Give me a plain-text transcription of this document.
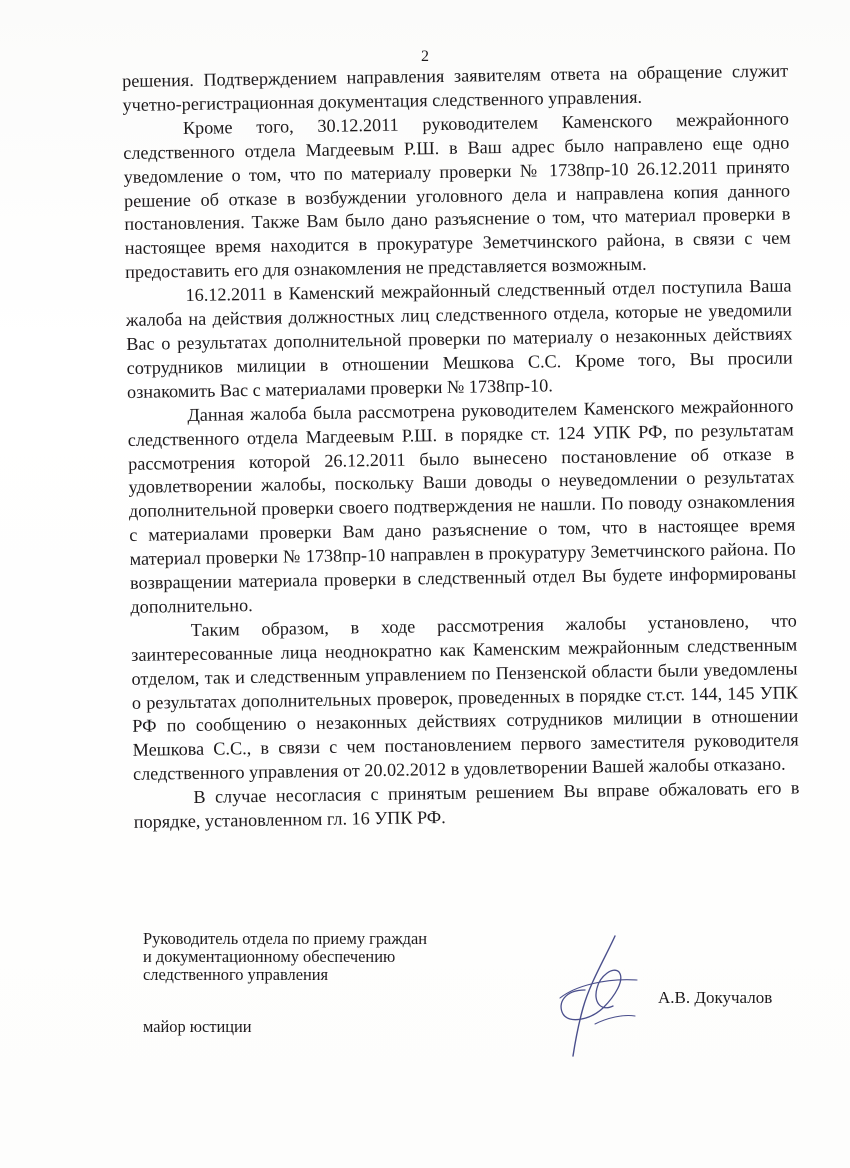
2

решения. Подтверждением направления заявителям ответа на обращение служит учетно-регистрационная документация следственного управления.

Кроме того, 30.12.2011 руководителем Каменского межрайонного следственного отдела Магдеевым Р.Ш. в Ваш адрес было направлено еще одно уведомление о том, что по материалу проверки № 1738пр-10 26.12.2011 принято решение об отказе в возбуждении уголовного дела и направлена копия данного постановления. Также Вам было дано разъяснение о том, что материал проверки в настоящее время находится в прокуратуре Земетчинского района, в связи с чем предоставить его для ознакомления не представляется возможным.

16.12.2011 в Каменский межрайонный следственный отдел поступила Ваша жалоба на действия должностных лиц следственного отдела, которые не уведомили Вас о результатах дополнительной проверки по материалу о незаконных действиях сотрудников милиции в отношении Мешкова С.С. Кроме того, Вы просили ознакомить Вас с материалами проверки № 1738пр-10.

Данная жалоба была рассмотрена руководителем Каменского межрайонного следственного отдела Магдеевым Р.Ш. в порядке ст. 124 УПК РФ, по результатам рассмотрения которой 26.12.2011 было вынесено постановление об отказе в удовлетворении жалобы, поскольку Ваши доводы о неуведомлении о результатах дополнительной проверки своего подтверждения не нашли. По поводу ознакомления с материалами проверки Вам дано разъяснение о том, что в настоящее время материал проверки № 1738пр-10 направлен в прокуратуру Земетчинского района. По возвращении материала проверки в следственный отдел Вы будете информированы дополнительно.

Таким образом, в ходе рассмотрения жалобы установлено, что заинтересованные лица неоднократно как Каменским межрайонным следственным отделом, так и следственным управлением по Пензенской области были уведомлены о результатах дополнительных проверок, проведенных в порядке ст.ст. 144, 145 УПК РФ по сообщению о незаконных действиях сотрудников милиции в отношении Мешкова С.С., в связи с чем постановлением первого заместителя руководителя следственного управления от 20.02.2012 в удовлетворении Вашей жалобы отказано.

В случае несогласия с принятым решением Вы вправе обжаловать его в порядке, установленном гл. 16 УПК РФ.

Руководитель отдела по приему граждан
и документационному обеспечению
следственного управления
майор юстиции
А.В. Докучалов
